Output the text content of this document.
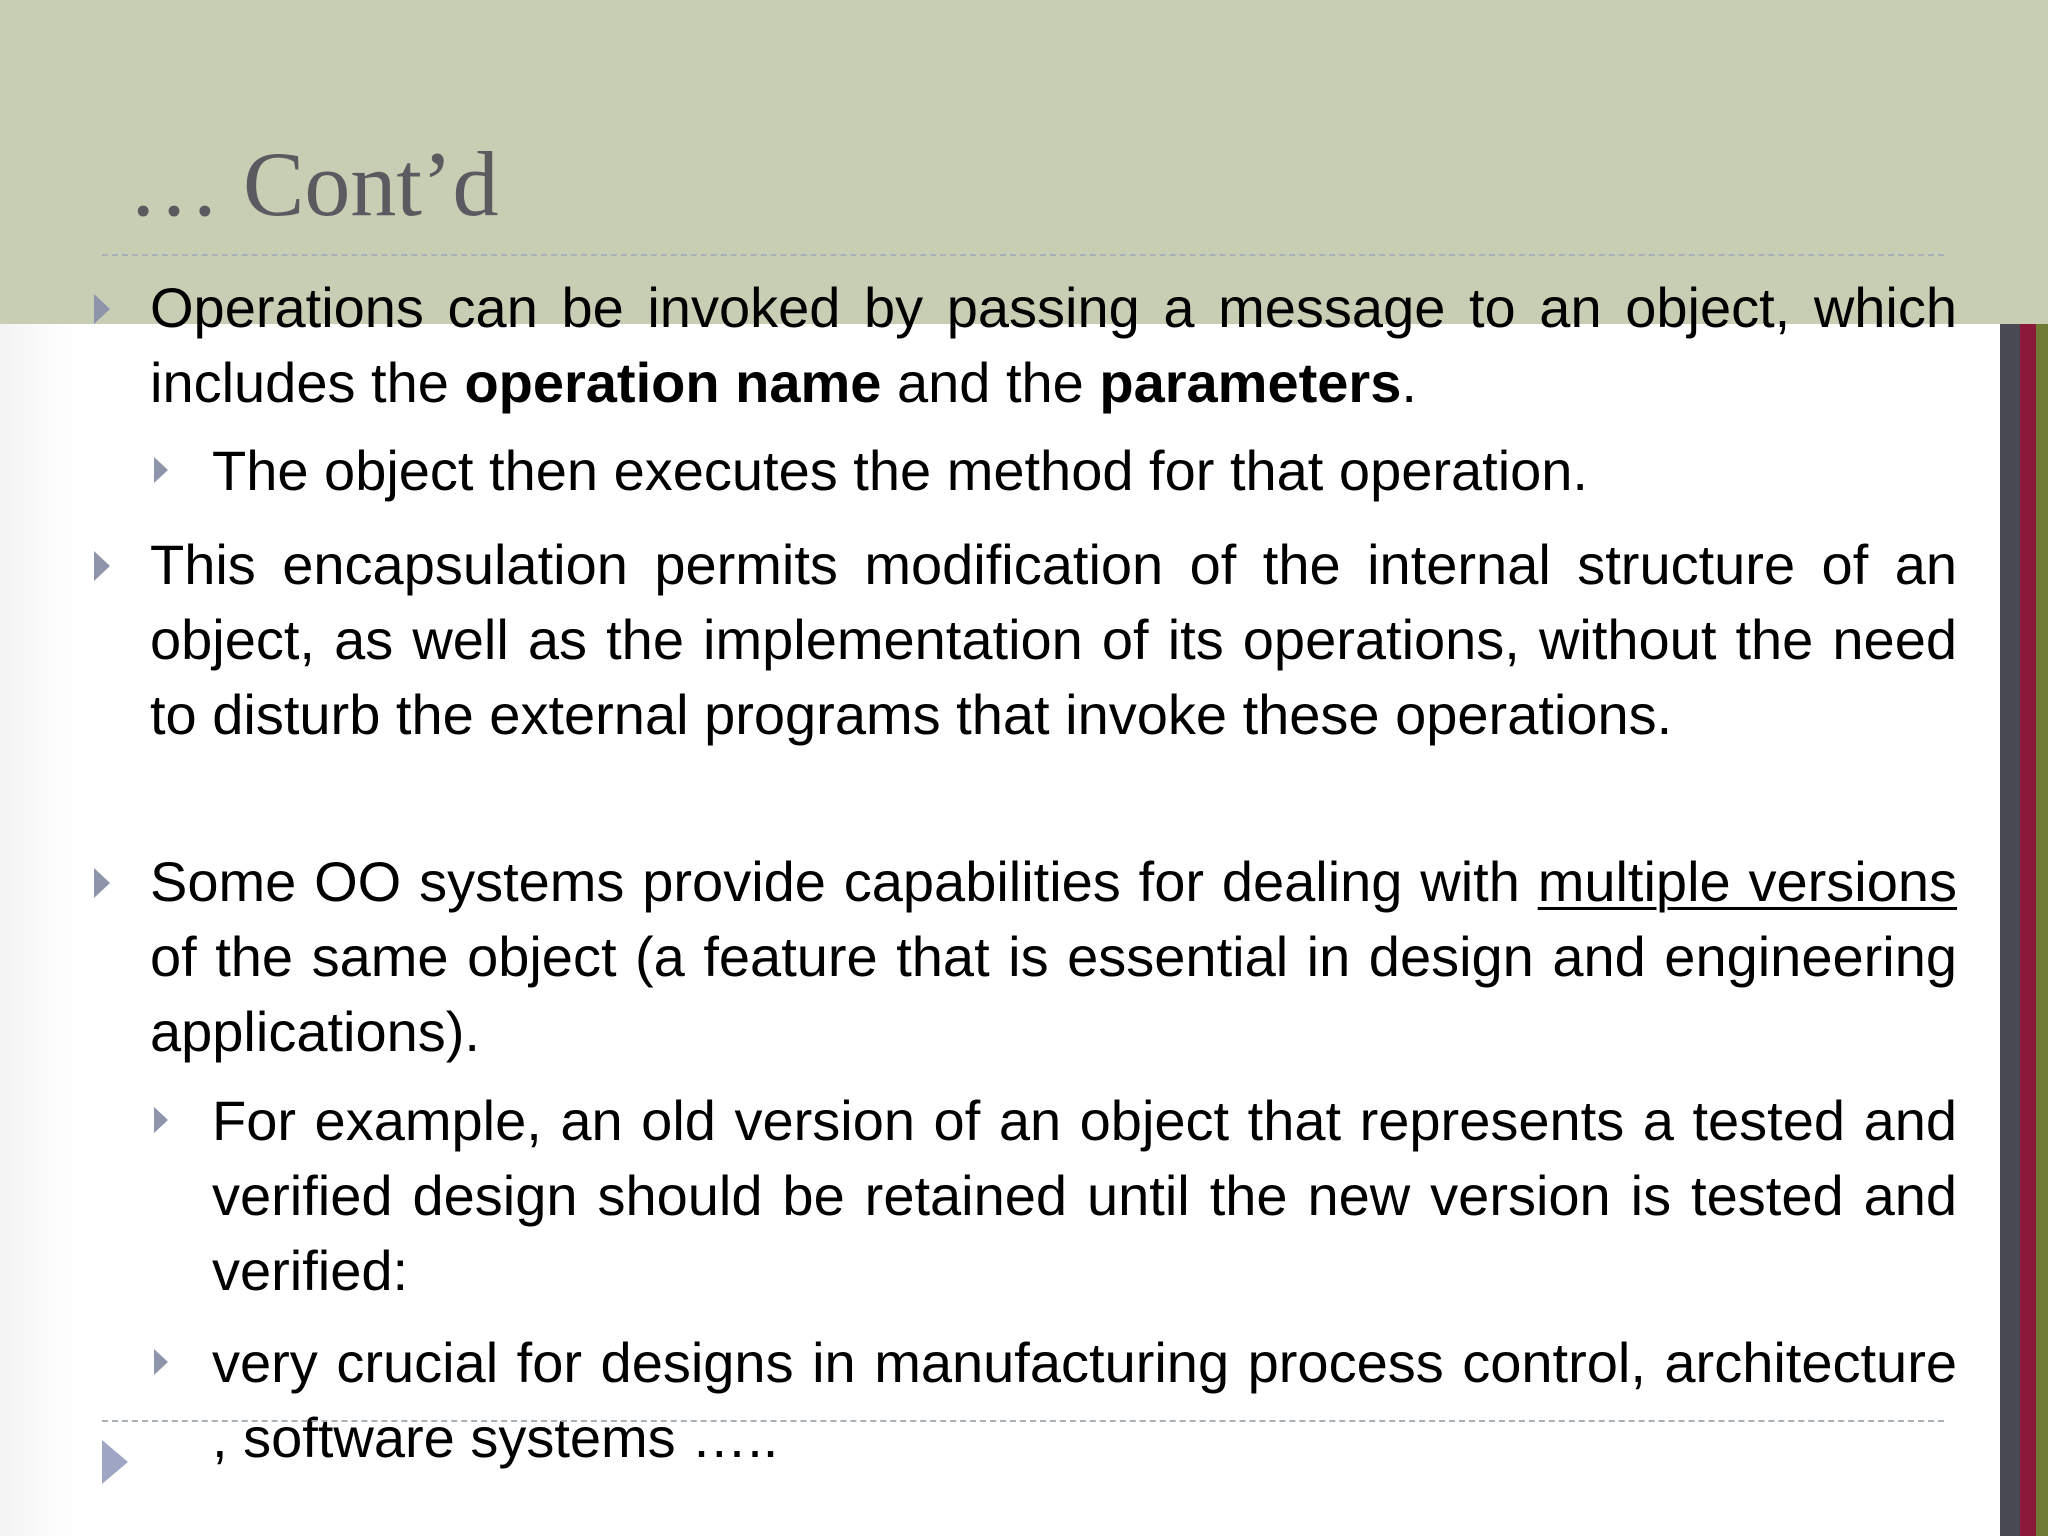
… Cont’d
Operations can be invoked by passing a message to an object, which includes the operation name and the parameters.
The object then executes the method for that operation.
This encapsulation permits modification of the internal structure of an object, as well as the implementation of its operations, without the need to disturb the external programs that invoke these operations.
Some OO systems provide capabilities for dealing with multiple versions of the same object (a feature that is essential in design and engineering applications).
For example, an old version of an object that represents a tested and verified design should be retained until the new version is tested and verified:
very crucial for designs in manufacturing process control, architecture , software systems …..
